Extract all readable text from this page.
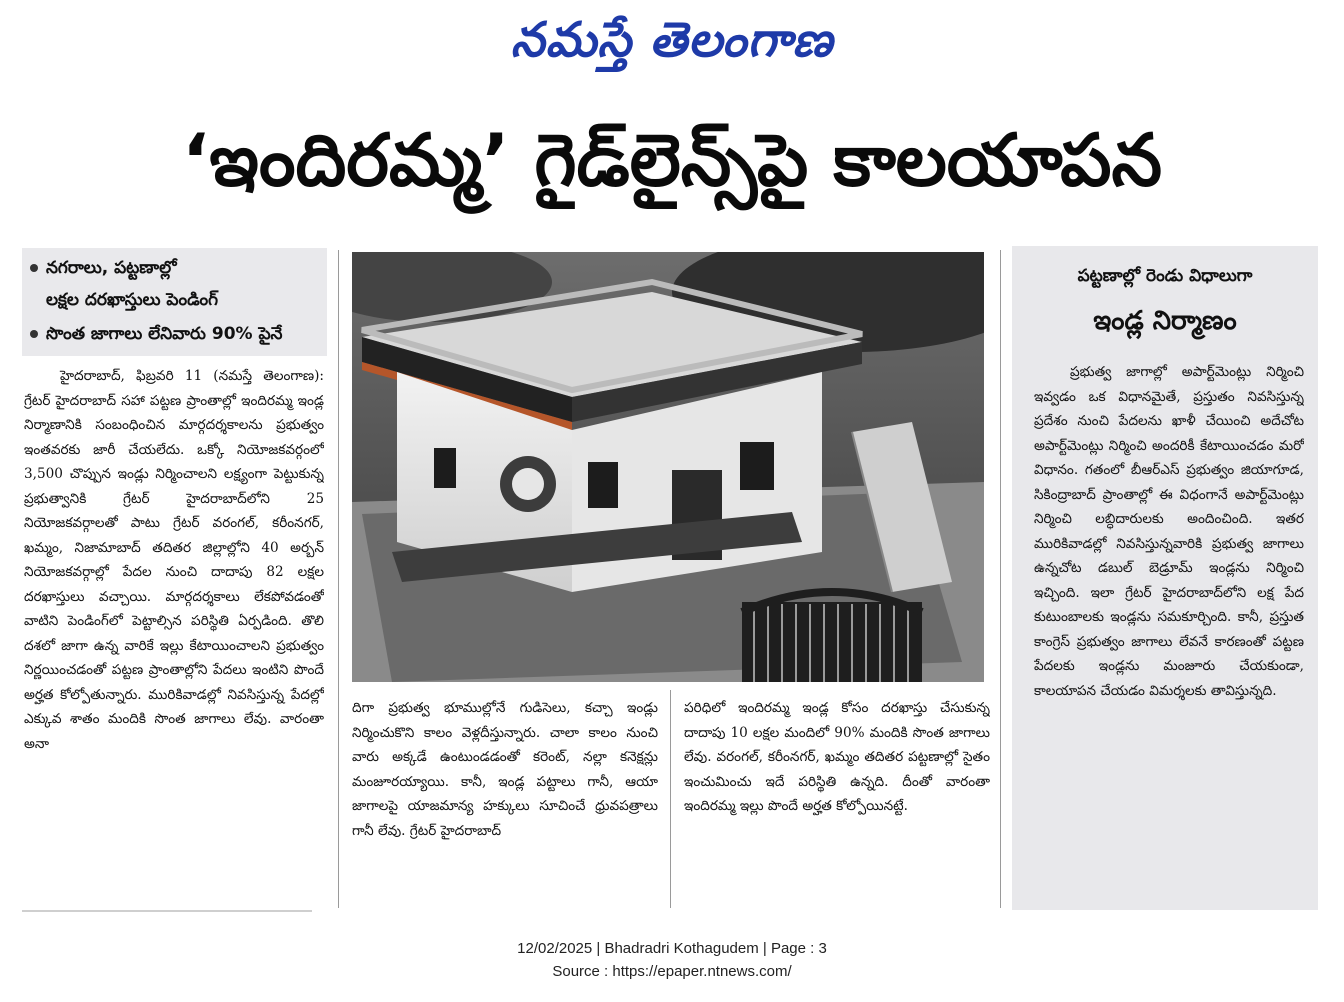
నమస్తే తెలంగాణ
‘ఇందిరమ్మ’ గైడ్‌లైన్స్‌పై కాలయాపన
నగరాలు, పట్టణాల్లో
లక్షల దరఖాస్తులు పెండింగ్
సొంత జాగాలు లేనివారు 90% పైనే

హైదరాబాద్, ఫిబ్రవరి 11 (నమస్తే తెలంగాణ): గ్రేటర్ హైదరాబాద్ సహా పట్టణ ప్రాంతాల్లో ఇందిరమ్మ ఇండ్ల నిర్మాణానికి సంబంధించిన మార్గదర్శకాలను ప్రభుత్వం ఇంతవరకు జారీ చేయలేదు. ఒక్కో నియోజకవర్గంలో 3,500 చొప్పున ఇండ్లు నిర్మించాలని లక్ష్యంగా పెట్టుకున్న ప్రభుత్వానికి గ్రేటర్ హైదరాబాద్‌లోని 25 నియోజకవర్గాలతో పాటు గ్రేటర్ వరంగల్, కరీంనగర్, ఖమ్మం, నిజామాబాద్ తదితర జిల్లాల్లోని 40 అర్బన్ నియోజకవర్గాల్లో పేదల నుంచి దాదాపు 82 లక్షల దరఖాస్తులు వచ్చాయి. మార్గదర్శకాలు లేకపోవడంతో వాటిని పెండింగ్‌లో పెట్టాల్సిన పరిస్థితి ఏర్పడింది. తొలి దశలో జాగా ఉన్న వారికే ఇల్లు కేటాయించాలని ప్రభుత్వం నిర్ణయించడంతో పట్టణ ప్రాంతాల్లోని పేదలు ఇంటిని పొందే అర్హత కోల్పోతున్నారు. మురికివాడల్లో నివసిస్తున్న పేదల్లో ఎక్కువ శాతం మందికి సొంత జాగాలు లేవు. వారంతా అనా

దిగా ప్రభుత్వ భూముల్లోనే గుడిసెలు, కచ్చా ఇండ్లు నిర్మించుకొని కాలం వెళ్లదీస్తున్నారు. చాలా కాలం నుంచి వారు అక్కడే ఉంటుండడంతో కరెంట్, నల్లా కనెక్షన్లు మంజూరయ్యాయి. కానీ, ఇండ్ల పట్టాలు గానీ, ఆయా జాగాలపై యాజమాన్య హక్కులు సూచించే ధ్రువపత్రాలు గానీ లేవు. గ్రేటర్ హైదరాబాద్

పరిధిలో ఇందిరమ్మ ఇండ్ల కోసం దరఖాస్తు చేసుకున్న దాదాపు 10 లక్షల మందిలో 90% మందికి సొంత జాగాలు లేవు. వరంగల్, కరీంనగర్, ఖమ్మం తదితర పట్టణాల్లో సైతం ఇంచుమించు ఇదే పరిస్థితి ఉన్నది. దీంతో వారంతా ఇందిరమ్మ ఇల్లు పొందే అర్హత కోల్పోయినట్టే.

పట్టణాల్లో రెండు విధాలుగా
ఇండ్ల నిర్మాణం

ప్రభుత్వ జాగాల్లో అపార్ట్‌మెంట్లు నిర్మించి ఇవ్వడం ఒక విధానమైతే, ప్రస్తుతం నివసిస్తున్న ప్రదేశం నుంచి పేదలను ఖాళీ చేయించి అదేచోట అపార్ట్‌మెంట్లు నిర్మించి అందరికీ కేటాయించడం మరో విధానం. గతంలో బీఆర్‌ఎస్ ప్రభుత్వం జియాగూడ, సికింద్రాబాద్ ప్రాంతాల్లో ఈ విధంగానే అపార్ట్‌మెంట్లు నిర్మించి లబ్ధిదారులకు అందించింది. ఇతర మురికివాడల్లో నివసిస్తున్నవారికి ప్రభుత్వ జాగాలు ఉన్నచోట డబుల్ బెడ్రూమ్ ఇండ్లను నిర్మించి ఇచ్చింది. ఇలా గ్రేటర్ హైదరాబాద్‌లోని లక్ష పేద కుటుంబాలకు ఇండ్లను సమకూర్చింది. కానీ, ప్రస్తుత కాంగ్రెస్ ప్రభుత్వం జాగాలు లేవనే కారణంతో పట్టణ పేదలకు ఇండ్లను మంజూరు చేయకుండా, కాలయాపన చేయడం విమర్శలకు తావిస్తున్నది.

12/02/2025 | Bhadradri Kothagudem | Page : 3
Source : https://epaper.ntnews.com/
